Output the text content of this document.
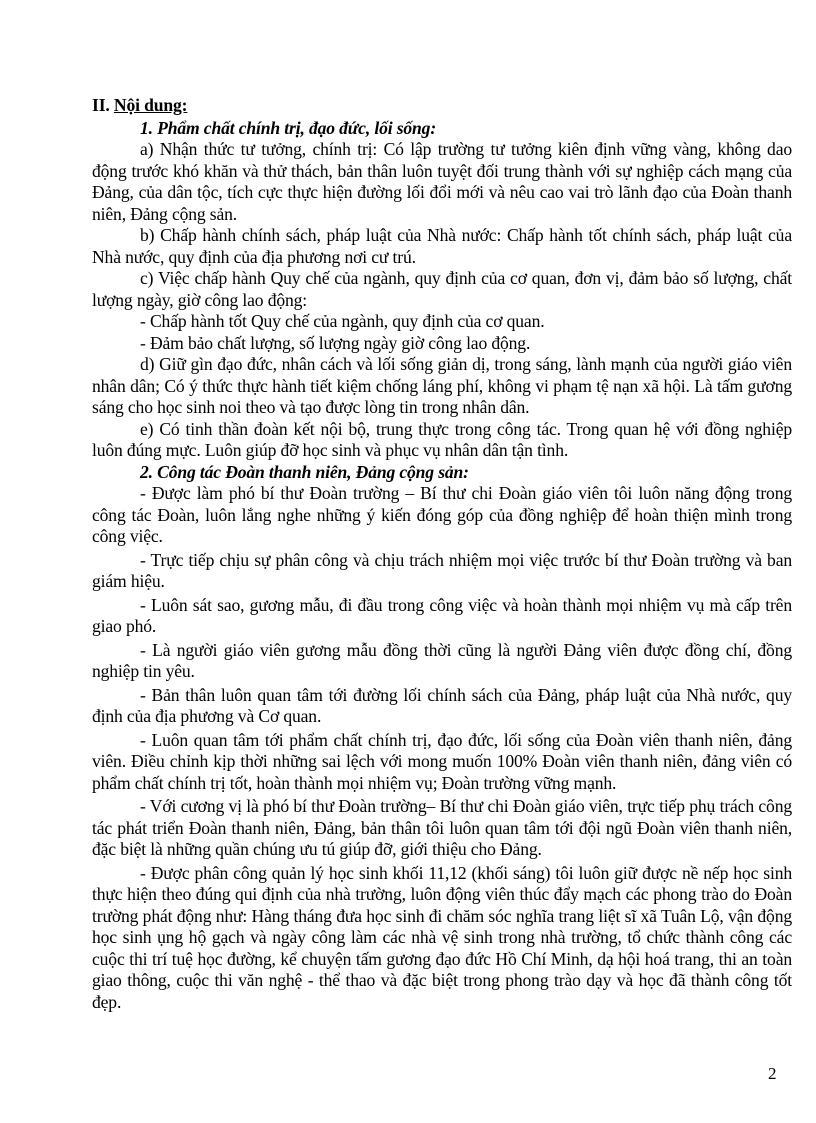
II. Nội dung:

1. Phẩm chất chính trị, đạo đức, lối sống:

a) Nhận thức tư tưởng, chính trị: Có lập trường tư tưởng kiên định vững vàng, không dao động trước khó khăn và thử thách, bản thân luôn tuyệt đối trung thành với sự nghiệp cách mạng của Đảng, của dân tộc, tích cực thực hiện đường lối đổi mới và nêu cao vai trò lãnh đạo của Đoàn thanh niên, Đảng cộng sản.

b) Chấp hành chính sách, pháp luật của Nhà nước: Chấp hành tốt chính sách, pháp luật của Nhà nước, quy định của địa phương nơi cư trú.

c) Việc chấp hành Quy chế của ngành, quy định của cơ quan, đơn vị, đảm bảo số lượng, chất lượng ngày, giờ công lao động:

- Chấp hành tốt Quy chế của ngành, quy định của cơ quan.

- Đảm bảo chất lượng, số lượng ngày giờ công lao động.

d) Giữ gìn đạo đức, nhân cách và lối sống giản dị, trong sáng, lành mạnh của người giáo viên nhân dân; Có ý thức thực hành tiết kiệm chống láng phí, không vi phạm tệ nạn xã hội. Là tấm gương sáng cho học sinh noi theo và tạo được lòng tin trong nhân dân.

e) Có tinh thần đoàn kết nội bộ, trung thực trong công tác. Trong quan hệ với đồng nghiệp luôn đúng mực. Luôn giúp đỡ học sinh và phục vụ nhân dân tận tình.

2. Công tác Đoàn thanh niên, Đảng cộng sản:

- Được làm phó bí thư Đoàn trường – Bí thư chi Đoàn giáo viên tôi luôn năng động trong công tác Đoàn, luôn lắng nghe những ý kiến đóng góp của đồng nghiệp để hoàn thiện mình trong công việc.

- Trực tiếp chịu sự phân công và chịu trách nhiệm mọi việc trước bí thư Đoàn trường và ban giám hiệu.

- Luôn sát sao, gương mẫu, đi đầu trong công việc và hoàn thành mọi nhiệm vụ mà cấp trên giao phó.

- Là người giáo viên gương mẫu đồng thời cũng là người Đảng viên được đồng chí, đồng nghiệp tin yêu.

- Bản thân luôn quan tâm tới đường lối chính sách của Đảng, pháp luật của Nhà nước, quy định của địa phương và Cơ quan.

- Luôn quan tâm tới phẩm chất chính trị, đạo đức, lối sống của Đoàn viên thanh niên, đảng viên. Điều chỉnh kịp thời những sai lệch với mong muốn 100% Đoàn viên thanh niên, đảng viên có phẩm chất chính trị tốt, hoàn thành mọi nhiệm vụ; Đoàn trường vững mạnh.

- Với cương vị là phó bí thư Đoàn trường– Bí thư chi Đoàn giáo viên, trực tiếp phụ trách công tác phát triển Đoàn thanh niên, Đảng, bản thân tôi luôn quan tâm tới đội ngũ Đoàn viên thanh niên, đặc biệt là những quần chúng ưu tú giúp đỡ, giới thiệu cho Đảng.

- Được phân công quản lý học sinh khối 11,12 (khối sáng) tôi luôn giữ được nề nếp học sinh thực hiện theo đúng qui định của nhà trường, luôn động viên thúc đẩy mạch các phong trào do Đoàn trường phát động như: Hàng tháng đưa học sinh đi chăm sóc nghĩa trang liệt sĩ xã Tuân Lộ, vận động học sinh ụng hộ gạch và ngày công làm các nhà vệ sinh trong nhà trường, tổ chức thành công các cuộc thi trí tuệ học đường, kể chuyện tấm gương đạo đức Hồ Chí Minh, dạ hội hoá trang, thi an toàn giao thông, cuộc thi văn nghệ - thể thao và đặc biệt trong phong trào dạy và học đã thành công tốt đẹp.

2
